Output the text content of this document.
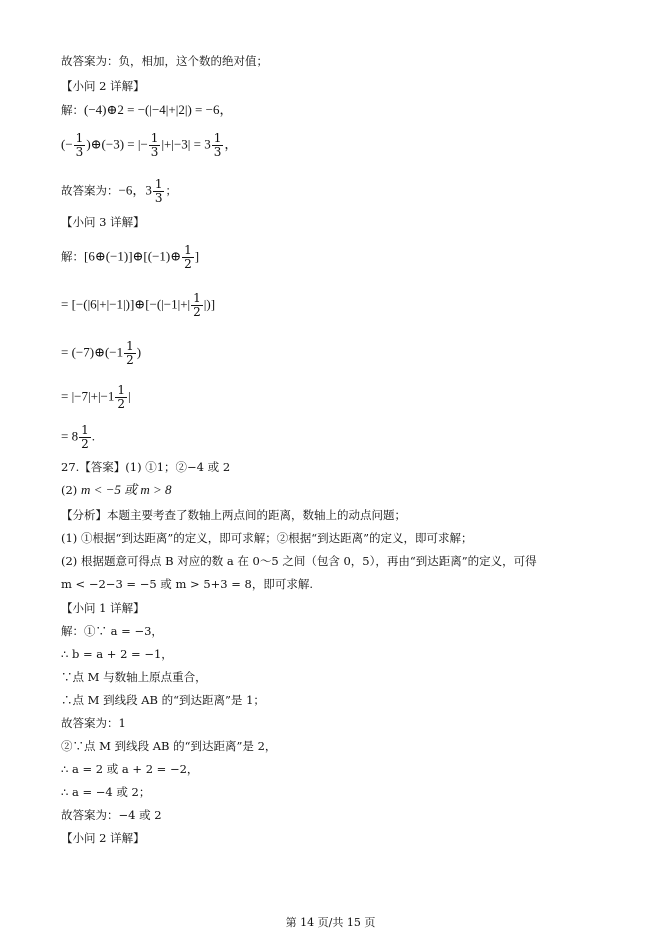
故答案为：负，相加，这个数的绝对值；
【小问 2 详解】
解：(−4)⊕2 = −(|−4|+|2|) = −6，
(− $\frac{1}{3}$ )⊕(−3) = |− $\frac{1}{3} |+|-3| = 3 \frac{1}{3}$ ，
故答案为：−6，$3 \frac{1}{3}$ ；
【小问 3 详解】
解：[6⊕(−1)]⊕[(−1)⊕ $\frac{1}{2}$ ]
= [−(|6|+|−1|)]⊕[−(|−1|+| $\frac{1}{2}$ |)]
= (−7)⊕(−1 $\frac{1}{2}$ )
= $|-7|+|-1 \frac{1}{2}$ |
= $8 \frac{1}{2}$ .
27.【答案】(1) ①1；②−4 或 2
(2) m < −5 或 m > 8
【分析】本题主要考查了数轴上两点间的距离，数轴上的动点问题；
(1) ①根据“到达距离”的定义，即可求解；②根据“到达距离”的定义，即可求解；
(2) 根据题意可得点 B 对应的数 a 在 0～5 之间（包含 0，5），再由“到达距离”的定义，可得
m < −2−3 = −5 或 m > 5+3 = 8，即可求解.
【小问 1 详解】
解：①∵ a = −3，
∴ b = a + 2 = −1，
∵点 M 与数轴上原点重合，
∴点 M 到线段 AB 的“到达距离”是 1；
故答案为：1
②∵点 M 到线段 AB 的“到达距离”是 2，
∴ a = 2 或 a + 2 = −2，
∴ a = −4 或 2；
故答案为：−4 或 2
【小问 2 详解】
第 14 页/共 15 页
